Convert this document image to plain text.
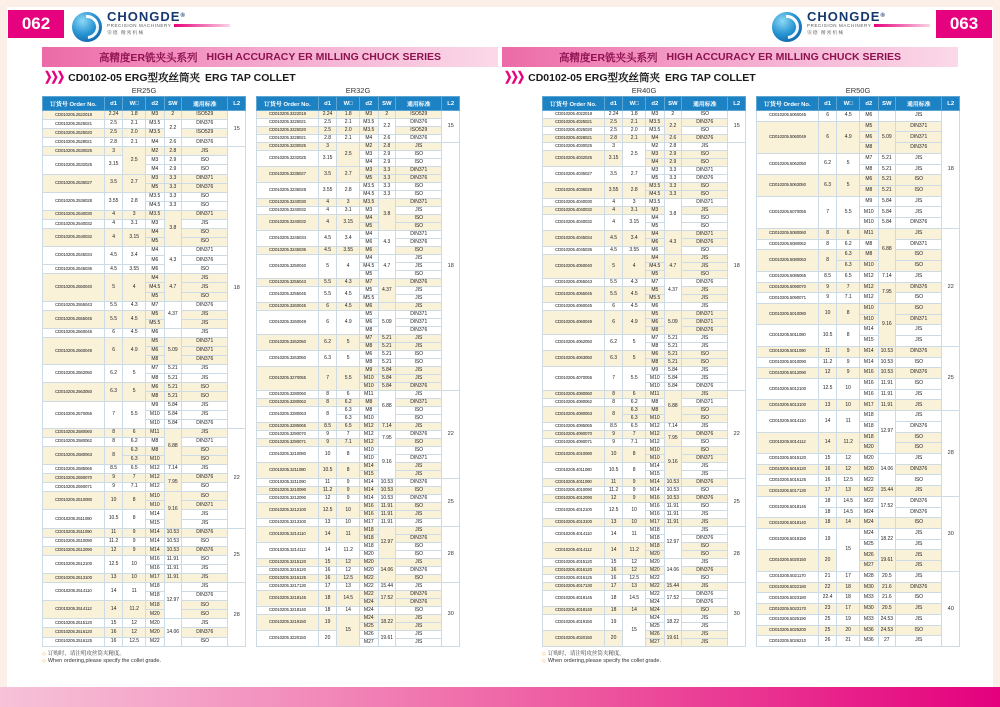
062	CHONGDE®
PRECISION MACHINERY
崇德 精密机械
高精度ER铣夹头系列 HIGH ACCURACY ER MILLING CHUCK SERIES
❯❯❯ CD0102-05 ERG型攻丝筒夹 ERG TAP COLLET
ER25G
订货号 Order No.	d1	W□	d2	SW	通用标准	L2
CD010205.2522018	2.24	1.8	M3	2	ISO529	15
CD010205.2525021	2.5	2.1	M3.5	2.2	DIN376	
CD010205.2525020	2.5	2.0	M3.5		ISO529	
CD010205.2528021	2.8	2.1	M4	2.6	DIN376	
CD010205.2530025	3	2.5	M2	2.8	JIS	18
CD010205.2532025	3.15		M3	2.9	ISO	
			M4	2.9	ISO	
CD010205.2535027	3.5	2.7	M3	3.3	DIN371	
			M5	3.3	DIN376	
CD010205.2536028	3.55	2.8	M3.5	3.3	ISO	
			M4.5	3.3	ISO	
CD010205.2540030	4	3	M3.5	3.8	DIN371	
CD010205.2540032	4	3.1	M3		JIS	
CD010205.2540032	4	3.15	M4		ISO	
			M5		ISO	
CD010205.2545034	4.5	3.4	M4	4.3	DIN371	
			M6		DIN376	
CD010205.2545036	4.5	3.55	M6		ISO	
CD010205.2550040	5	4	M4	4.7	JIS	
			M4.5		JIS	
			M5		ISO	
CD010205.2555043	5.5	4.3	M7	4.37	DIN376	
CD010205.2555045	5.5	4.5	M5		JIS	
			M5.5		JIS	
CD010205.2560045	6	4.5	M6		JIS	
CD010205.2560049	6	4.9	M5	5.09	DIN371	
			M6		DIN371	
			M8		DIN376	
CD010205.2562050	6.2	5	M7	5.21	JIS	
			M8	5.21	JIS	
CD010205.2563050	6.3	5	M6	5.21	ISO	
			M8	5.21	ISO	
CD010205.2570055	7	5.5	M9	5.84	JIS	
			M10	5.84	JIS	
			M10	5.84	DIN376	
CD010205.2580060	8	6	M11	6.88	JIS	22
CD010205.2580062	8	6.2	M8		DIN371	
CD010205.2580063	8	6.3	M8		ISO	
		6.3	M10		ISO	
CD010205.2585065	8.5	6.5	M12	7.14	JIS	
CD010205.2590070	9	7	M12	7.95	DIN376	
CD010205.2590071	9	7.1	M12		ISO	
CD010205.2510080	10	8	M10	9.16	ISO	
			M10		DIN371	
CD010205.2511080	10.5	8	M14		JIS	
			M15		JIS	
CD010205.2511090	11	9	M14	10.53	DIN376	25
CD010205.2510090	11.2	9	M14	10.53	ISO	
CD010205.2512090	12	9	M14	10.53	DIN376	
CD010205.2512100	12.5	10	M16	11.91	ISO	
			M16	11.91	JIS	
CD010205.2513100	13	10	M17	11.91	JIS	
CD010205.2514110	14	11	M18	12.97	JIS	28
			M18		DIN376	
CD010205.2514112	14	11.2	M18		ISO	
			M20		ISO	
CD010205.2515120	15	12	M20	14.06	JIS	
CD010205.2516120	16	12	M20		DIN376	
CD010205.2516125	16	12.5	M22		ISO	
ER32G
订货号 Order No.	d1	W□	d2	SW	通用标准	L2
CD010205.3222018	2.24	1.8	M3	2	ISO529	15
CD010205.3225021	2.5	2.1	M3.5	2.2	DIN376	
CD010205.3225020	2.5	2.0	M3.5		ISO529	
CD010205.3228021	2.8	2.1	M4	2.6	DIN376	
CD010205.3230025	3	2.5	M2	2.8	JIS	18
CD010205.3232025	3.15		M3	2.9	ISO	
			M4	2.9	ISO	
CD010205.3235027	3.5	2.7	M3	3.3	DIN371	
			M5	3.3	DIN376	
CD010205.3236028	3.55	2.8	M3.5	3.3	ISO	
			M4.5	3.3	ISO	
CD010205.3240030	4	3	M3.5	3.8	DIN371	
CD010205.3240032	4	3.1	M3		JIS	
CD010205.3240032	4	3.15	M4		ISO	
			M5		ISO	
CD010205.3245034	4.5	3.4	M4	4.3	DIN371	
			M6		DIN376	
CD010205.3245036	4.5	3.55	M6		ISO	
CD010205.3250040	5	4	M4	4.7	JIS	
			M4.5		JIS	
			M5		ISO	
CD010205.3255043	5.5	4.3	M7	4.37	DIN376	
CD010205.3255045	5.5	4.5	M5		JIS	
			M5.5		JIS	
CD010205.3260045	6	4.5	M6		JIS	
CD010205.3260049	6	4.9	M5	5.09	DIN371	
			M6		DIN371	
			M8		DIN376	
CD010205.3262050	6.2	5	M7	5.21	JIS	
			M8	5.21	JIS	
CD010205.3263050	6.3	5	M6	5.21	ISO	
			M8	5.21	ISO	
CD010205.3270055	7	5.5	M9	5.84	JIS	
			M10	5.84	JIS	
			M10	5.84	DIN376	
CD010205.3280060	8	6	M11	6.88	JIS	22
CD010205.3280062	8	6.2	M8		DIN371	
CD010205.3280063	8	6.3	M8		ISO	
		6.3	M10		ISO	
CD010205.3285065	8.5	6.5	M12	7.14	JIS	
CD010205.3290070	9	7	M12	7.95	DIN376	
CD010205.3290071	9	7.1	M12		ISO	
CD010205.3210080	10	8	M10	9.16	ISO	
			M10		DIN371	
CD010205.3211080	10.5	8	M14		JIS	
			M15		JIS	
CD010205.3211090	11	9	M14	10.53	DIN376	25
CD010205.3210090	11.2	9	M14	10.53	ISO	
CD010205.3212090	12	9	M14	10.53	DIN376	
CD010205.3212100	12.5	10	M16	11.91	ISO	
			M16	11.91	JIS	
CD010205.3213100	13	10	M17	11.91	JIS	
CD010205.3214110	14	11	M18	12.97	JIS	28
			M18		DIN376	
CD010205.3214112	14	11.2	M18		ISO	
			M20		ISO	
CD010205.3215120	15	12	M20	14.06	JIS	
CD010205.3216120	16	12	M20		DIN376	
CD010205.3216125	16	12.5	M22		ISO	
CD010205.3217130	17	13	M22	15.44	JIS	30
CD010205.3218145	18	14.5	M22	17.52	DIN376	
			M24		DIN376	
CD010205.3218140	18	14	M24		ISO	
CD010205.3219150	19	15	M24	18.22	JIS	
			M25		JIS	
CD010205.3220150	20		M26	19.61	JIS	
			M27		JIS	
◇ 订购时，请注明攻丝筒夹精度。
◇ When ordering,please specify the collet grade.
063
CHONGDE®
PRECISION MACHINERY
崇德 精密机械
高精度ER铣夹头系列 HIGH ACCURACY ER MILLING CHUCK SERIES
❯❯❯ CD0102-05 ERG型攻丝筒夹 ERG TAP COLLET
ER40G
订货号 Order No.	d1	W□	d2	SW	通用标准	L2
CD010205.4022018	2.24	1.8	M3	2	ISO	15
CD010205.4025021	2.5	2.1	M3.5	2.2	DIN376	
CD010205.4025020	2.5	2.0	M3.5		ISO	
CD010205.4028021	2.8	2.1	M4	2.6	DIN376	
CD010205.4030025	3	2.5	M2	2.8	JIS	18
CD010205.4032025	3.15		M3	2.9	ISO	
			M4	2.9	ISO	
CD010205.4035027	3.5	2.7	M3	3.3	DIN371	
			M5	3.3	DIN376	
CD010205.4036028	3.55	2.8	M3.5	3.3	ISO	
			M4.5	3.3	ISO	
CD010205.4040030	4	3	M3.5	3.8	DIN371	
CD010205.4040032	4	3.1	M3		JIS	
CD010205.4040032	4	3.15	M4		ISO	
			M5		ISO	
CD010205.4045034	4.5	3.4	M4	4.3	DIN371	
			M6		DIN376	
CD010205.4045036	4.5	3.55	M6		ISO	
CD010205.4050040	5	4	M4	4.7	JIS	
			M4.5		JIS	
			M5		ISO	
CD010205.4055043	5.5	4.3	M7	4.37	DIN376	
CD010205.4055045	5.5	4.5	M5		JIS	
			M5.5		JIS	
CD010205.4060045	6	4.5	M6		JIS	
CD010205.4060049	6	4.9	M5	5.09	DIN371	
			M6		DIN371	
			M8		DIN376	
CD010205.4062050	6.2	5	M7	5.21	JIS	
			M8	5.21	JIS	
CD010205.4063050	6.3	5	M6	5.21	ISO	
			M8	5.21	ISO	
CD010205.4070055	7	5.5	M9	5.84	JIS	
			M10	5.84	JIS	
			M10	5.84	DIN376	
CD010205.4080060	8	6	M11	6.88	JIS	22
CD010205.4080062	8	6.2	M8		DIN371	
CD010205.4080063	8	6.3	M8		ISO	
		6.3	M10		ISO	
CD010205.4085065	8.5	6.5	M12	7.14	JIS	
CD010205.4090070	9	7	M12	7.95	DIN376	
CD010205.4090071	9	7.1	M12		ISO	
CD010205.4010080	10	8	M10	9.16	ISO	
			M10		DIN371	
CD010205.4011080	10.5	8	M14		JIS	
			M15		JIS	
CD010205.4011090	11	9	M14	10.53	DIN376	25
CD010205.4010090	11.2	9	M14	10.53	ISO	
CD010205.4012090	12	9	M16	10.53	DIN376	
CD010205.4012100	12.5	10	M16	11.91	ISO	
			M16	11.91	JIS	
CD010205.4013100	13	10	M17	11.91	JIS	
CD010205.4014110	14	11	M18	12.97	JIS	28
			M18		DIN376	
CD010205.4014112	14	11.2	M18		ISO	
			M20		ISO	
CD010205.4015120	15	12	M20	14.06	JIS	
CD010205.4016120	16	12	M20		DIN376	
CD010205.4016125	16	12.5	M22		ISO	
CD010205.4017130	17	13	M22	15.44	JIS	30
CD010205.4018145	18	14.5	M22	17.52	DIN376	
			M24		DIN376	
CD010205.4018140	18	14	M24		ISO	
CD010205.4019150	19	15	M24	18.22	JIS	
			M25		JIS	
CD010205.4020150	20		M26	19.61	JIS	
			M27		JIS	
ER50G
订货号 Order No.	d1	W□	d2	SW	通用标准	L2
CD010205.5060045	6	4.5	M6		JIS	18
CD010205.5060049	6	4.9	M5	5.09	DIN371	
			M6		DIN371	
			M8		DIN376	
CD010205.5062050	6.2	5	M7	5.21	JIS	
			M8	5.21	JIS	
CD010205.5063050	6.3	5	M6	5.21	ISO	
			M8	5.21	ISO	
CD010205.5070055	7	5.5	M9	5.84	JIS	
			M10	5.84	JIS	
			M10	5.84	DIN376	
CD010205.5080060	8	6	M11	6.88	JIS	22
CD010205.5080062	8	6.2	M8		DIN371	
CD010205.5080063	8	6.3	M8		ISO	
		6.3	M10		ISO	
CD010205.5085065	8.5	6.5	M12	7.14	JIS	
CD010205.5090070	9	7	M12	7.95	DIN376	
CD010205.5090071	9	7.1	M12		ISO	
CD010205.5010080	10	8	M10	9.16	ISO	
			M10		DIN371	
CD010205.5011080	10.5	8	M14		JIS	
			M15		JIS	
CD010205.5011090	11	9	M14	10.53	DIN376	25
CD010205.5010090	11.2	9	M14	10.53	ISO	
CD010205.5012090	12	9	M16	10.53	DIN376	
CD010205.5012100	12.5	10	M16	11.91	ISO	
			M16	11.91	JIS	
CD010205.5013100	13	10	M17	11.91	JIS	
CD010205.5014110	14	11	M18	12.97	JIS	28
			M18		DIN376	
CD010205.5014112	14	11.2	M18		ISO	
			M20		ISO	
CD010205.5015120	15	12	M20	14.06	JIS	
CD010205.5016120	16	12	M20		DIN376	
CD010205.5016125	16	12.5	M22		ISO	
CD010205.5017130	17	13	M22	15.44	JIS	
CD010205.5018145	18	14.5	M22	17.52	DIN376	30
	18	14.5	M24		DIN376	
CD010205.5018140	18	14	M24		ISO	
CD010205.5019150	19	15	M24	18.22	JIS	
			M25		JIS	
CD010205.5020150	20		M26	19.61	JIS	
			M27		JIS	
CD010205.5021170	21	17	M28	20.5	JIS	40
CD010205.5022180	22	18	M30	21.6	DIN376	
CD010205.5023180	22.4	18	M33	21.6	ISO	
CD010205.5023170	23	17	M30	20.5	JIS	
CD010205.5025190	25	19	M33	24.53	JIS	
CD010205.5025200	25	20	M36	24.53	ISO	
CD010205.5026210	26	21	M36	27	JIS	
◇ 订购时，请注明攻丝筒夹精度。
◇ When ordering,please specify the collet grade.
